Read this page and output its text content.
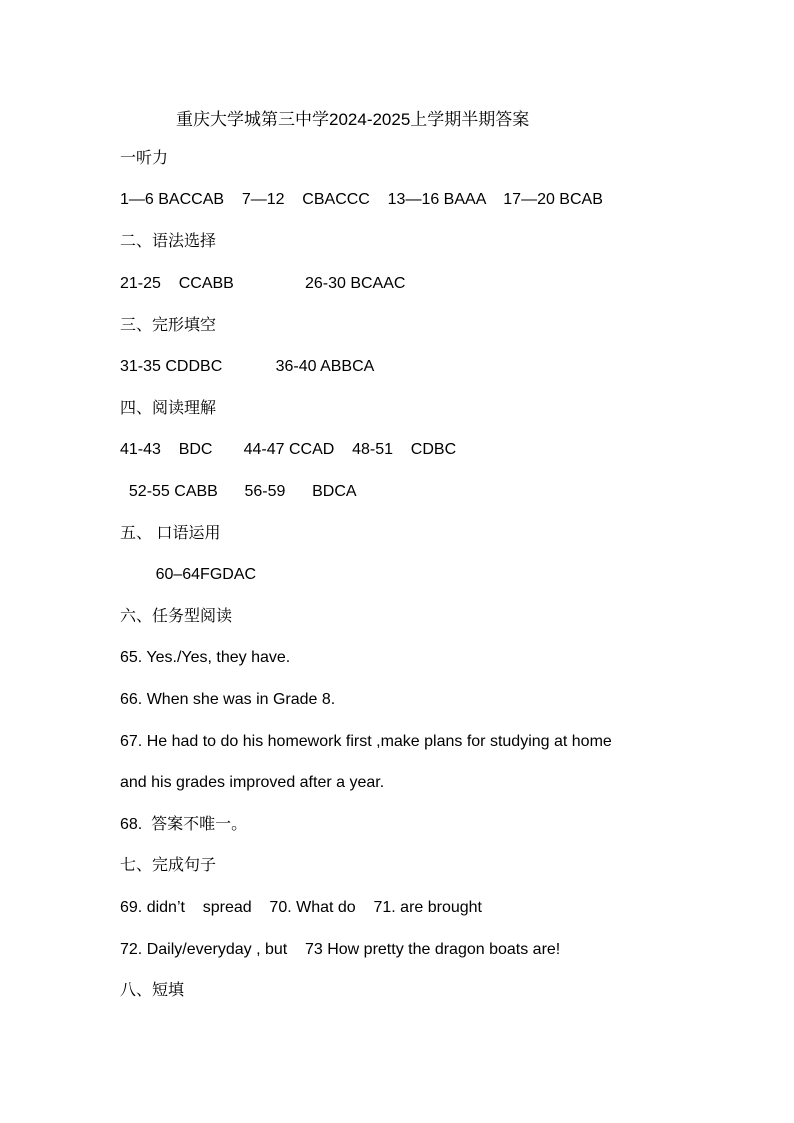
重庆大学城第三中学2024-2025上学期半期答案
一听力
1—6 BACCAB    7—12    CBACCC    13—16 BAAA    17—20 BCAB
二、语法选择
21-25    CCABB                26-30 BCAAC
三、完形填空
31-35 CDDBC            36-40 ABBCA
四、阅读理解
41-43    BDC       44-47 CCAD    48-51    CDBC
52-55 CABB      56-59      BDCA
五、 口语运用
60–64FGDAC
六、任务型阅读
65. Yes./Yes, they have.
66. When she was in Grade 8.
67. He had to do his homework first ,make plans for studying at home
and his grades improved after a year.
68.  答案不唯一。
七、完成句子
69. didn’t    spread    70. What do    71. are brought
72. Daily/everyday , but    73 How pretty the dragon boats are!
八、短填
